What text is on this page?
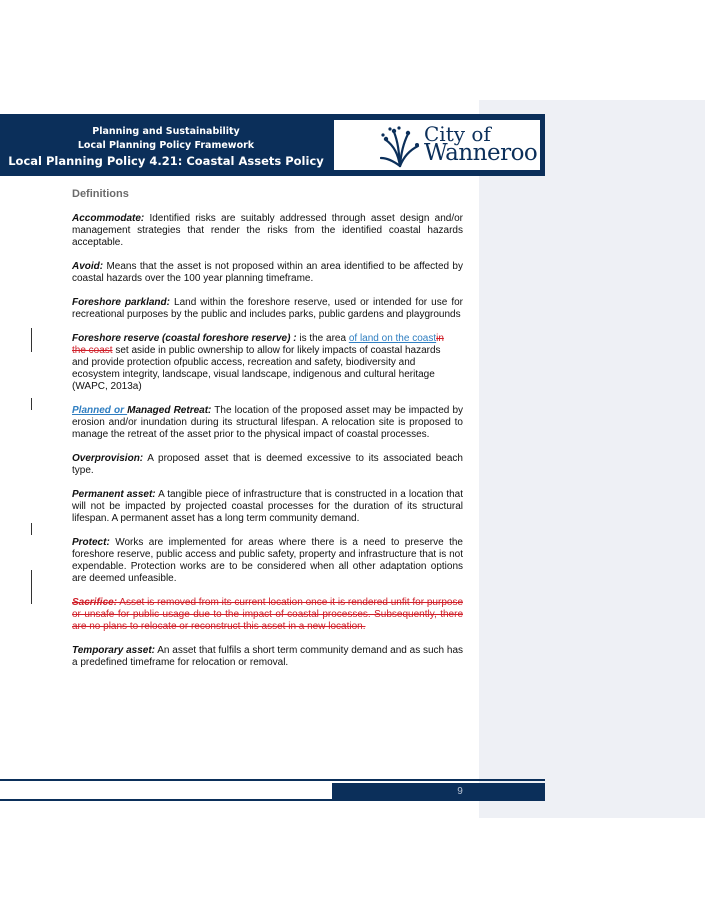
Planning and Sustainability
Local Planning Policy Framework
Local Planning Policy 4.21: Coastal Assets Policy
City of
Wanneroo
Definitions

Accommodate: Identified risks are suitably addressed through asset design and/or management strategies that render the risks from the identified coastal hazards acceptable.

Avoid: Means that the asset is not proposed within an area identified to be affected by coastal hazards over the 100 year planning timeframe.

Foreshore parkland: Land within the foreshore reserve, used or intended for use for recreational purposes by the public and includes parks, public gardens and playgrounds

Foreshore reserve (coastal foreshore reserve) : is the area of land on the coastin the coast set aside in public ownership to allow for likely impacts of coastal hazards and provide protection ofpublic access, recreation and safety, biodiversity and ecosystem integrity, landscape, visual landscape, indigenous and cultural heritage (WAPC, 2013a)

Planned or Managed Retreat: The location of the proposed asset may be impacted by erosion and/or inundation during its structural lifespan. A relocation site is proposed to manage the retreat of the asset prior to the physical impact of coastal processes.

Overprovision: A proposed asset that is deemed excessive to its associated beach type.

Permanent asset: A tangible piece of infrastructure that is constructed in a location that will not be impacted by projected coastal processes for the duration of its structural lifespan. A permanent asset has a long term community demand.

Protect: Works are implemented for areas where there is a need to preserve the foreshore reserve, public access and public safety, property and infrastructure that is not expendable. Protection works are to be considered when all other adaptation options are deemed unfeasible.

Sacrifice: Asset is removed from its current location once it is rendered unfit for purpose or unsafe for public usage due to the impact of coastal processes. Subsequently, there are no plans to relocate or reconstruct this asset in a new location.

Temporary asset: An asset that fulfils a short term community demand and as such has a predefined timeframe for relocation or removal.

9
